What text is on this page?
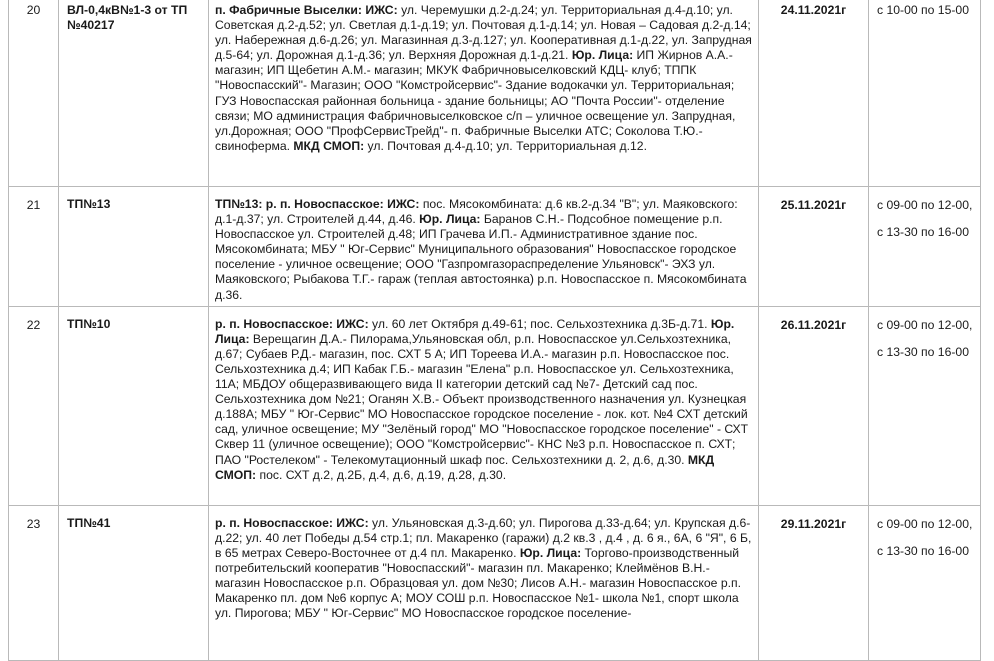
20	ВЛ-0,4кВ№1-3 от ТП №40217	п. Фабричные Выселки: ИЖС: ул. Черемушки д.2-д.24; ул. Территориальная д.4-д.10; ул. Советская д.2-д.52; ул. Светлая д.1-д.19; ул. Почтовая д.1-д.14; ул. Новая – Садовая д.2-д.14; ул. Набережная д.6-д.26; ул. Магазинная д.3-д.127; ул. Кооперативная д.1-д.22, ул. Запрудная д.5-64; ул. Дорожная д.1-д.36; ул. Верхняя Дорожная д.1-д.21. Юр. Лица: ИП Жирнов А.А.- магазин; ИП Щебетин А.М.- магазин; МКУК Фабричновыселковский КДЦ- клуб; ТППК "Новоспасский"- Магазин; ООО "Комстройсервис"- Здание водокачки ул. Территориальная; ГУЗ Новоспасская районная больница - здание больницы; АО "Почта России"- отделение связи; МО администрация Фабричновыселковское с/п – уличное освещение ул. Запрудная, ул.Дорожная; ООО "ПрофСервисТрейд"- п. Фабричные Выселки АТС; Соколова Т.Ю.- свиноферма. МКД СМОП: ул. Почтовая д.4-д.10; ул. Территориальная д.12.	24.11.2021г	с 10-00 по 15-00

21	ТП№13	ТП№13: р. п. Новоспасское: ИЖС: пос. Мясокомбината: д.6 кв.2-д.34 "В"; ул. Маяковского: д.1-д.37; ул. Строителей д.44, д.46. Юр. Лица: Баранов С.Н.- Подсобное помещение р.п. Новоспасское ул. Строителей д.48; ИП Грачева И.П.- Административное здание пос. Мясокомбината; МБУ " Юг-Сервис" Муниципального образования" Новоспасское городское поселение - уличное освещение; ООО "Газпромгазораспределение Ульяновск"- ЭХЗ ул. Маяковского; Рыбакова Т.Г.- гараж (теплая автостоянка) р.п. Новоспасское п. Мясокомбината д.36.	25.11.2021г	с 09-00 по 12-00,
с 13-30 по 16-00

22	ТП№10	р. п. Новоспасское: ИЖС: ул. 60 лет Октября д.49-61; пос. Сельхозтехника д.3Б-д.71. Юр. Лица: Верещагин Д.А.- Пилорама,Ульяновская обл, р.п. Новоспасское ул.Сельхозтехника, д.67; Субаев Р.Д.- магазин, пос. СХТ 5 А; ИП Тореева И.А.- магазин р.п. Новоспасское пос. Сельхозтехника д.4; ИП Кабак Г.Б.- магазин "Елена" р.п. Новоспасское ул. Сельхозтехника, 11А; МБДОУ общеразвивающего вида II категории детский сад №7- Детский сад пос. Сельхозтехника дом №21; Оганян Х.В.- Объект производственного назначения ул. Кузнецкая д.188А; МБУ " Юг-Сервис" МО Новоспасское городское поселение - лок. кот. №4 СХТ детский сад, уличное освещение; МУ "Зелёный город" МО "Новоспасское городское поселение" - СХТ Сквер 11 (уличное освещение); ООО "Комстройсервис"- КНС №3 р.п. Новоспасское п. СХТ; ПАО "Ростелеком" - Телекомутационный шкаф пос. Сельхозтехники д. 2, д.6, д.30. МКД СМОП: пос. СХТ д.2, д.2Б, д.4, д.6, д.19, д.28, д.30.	26.11.2021г	с 09-00 по 12-00,
с 13-30 по 16-00

23	ТП№41	р. п. Новоспасское: ИЖС: ул. Ульяновская д.3-д.60; ул. Пирогова д.33-д.64; ул. Крупская д.6-д.22; ул. 40 лет Победы д.54 стр.1; пл. Макаренко (гаражи) д.2 кв.3 , д.4 , д. 6 я., 6А, 6 "Я", 6 Б, в 65 метрах Северо-Восточнее от д.4 пл. Макаренко. Юр. Лица: Торгово-производственный потребительский кооператив "Новоспасский"- магазин пл. Макаренко; Клеймёнов В.Н.- магазин Новоспасское р.п. Образцовая ул. дом №30; Лисов А.Н.- магазин Новоспасское р.п. Макаренко пл. дом №6 корпус А; МОУ СОШ р.п. Новоспасское №1- школа №1, спорт школа ул. Пирогова; МБУ " Юг-Сервис" МО Новоспасское городское поселение-	29.11.2021г	с 09-00 по 12-00,
с 13-30 по 16-00
